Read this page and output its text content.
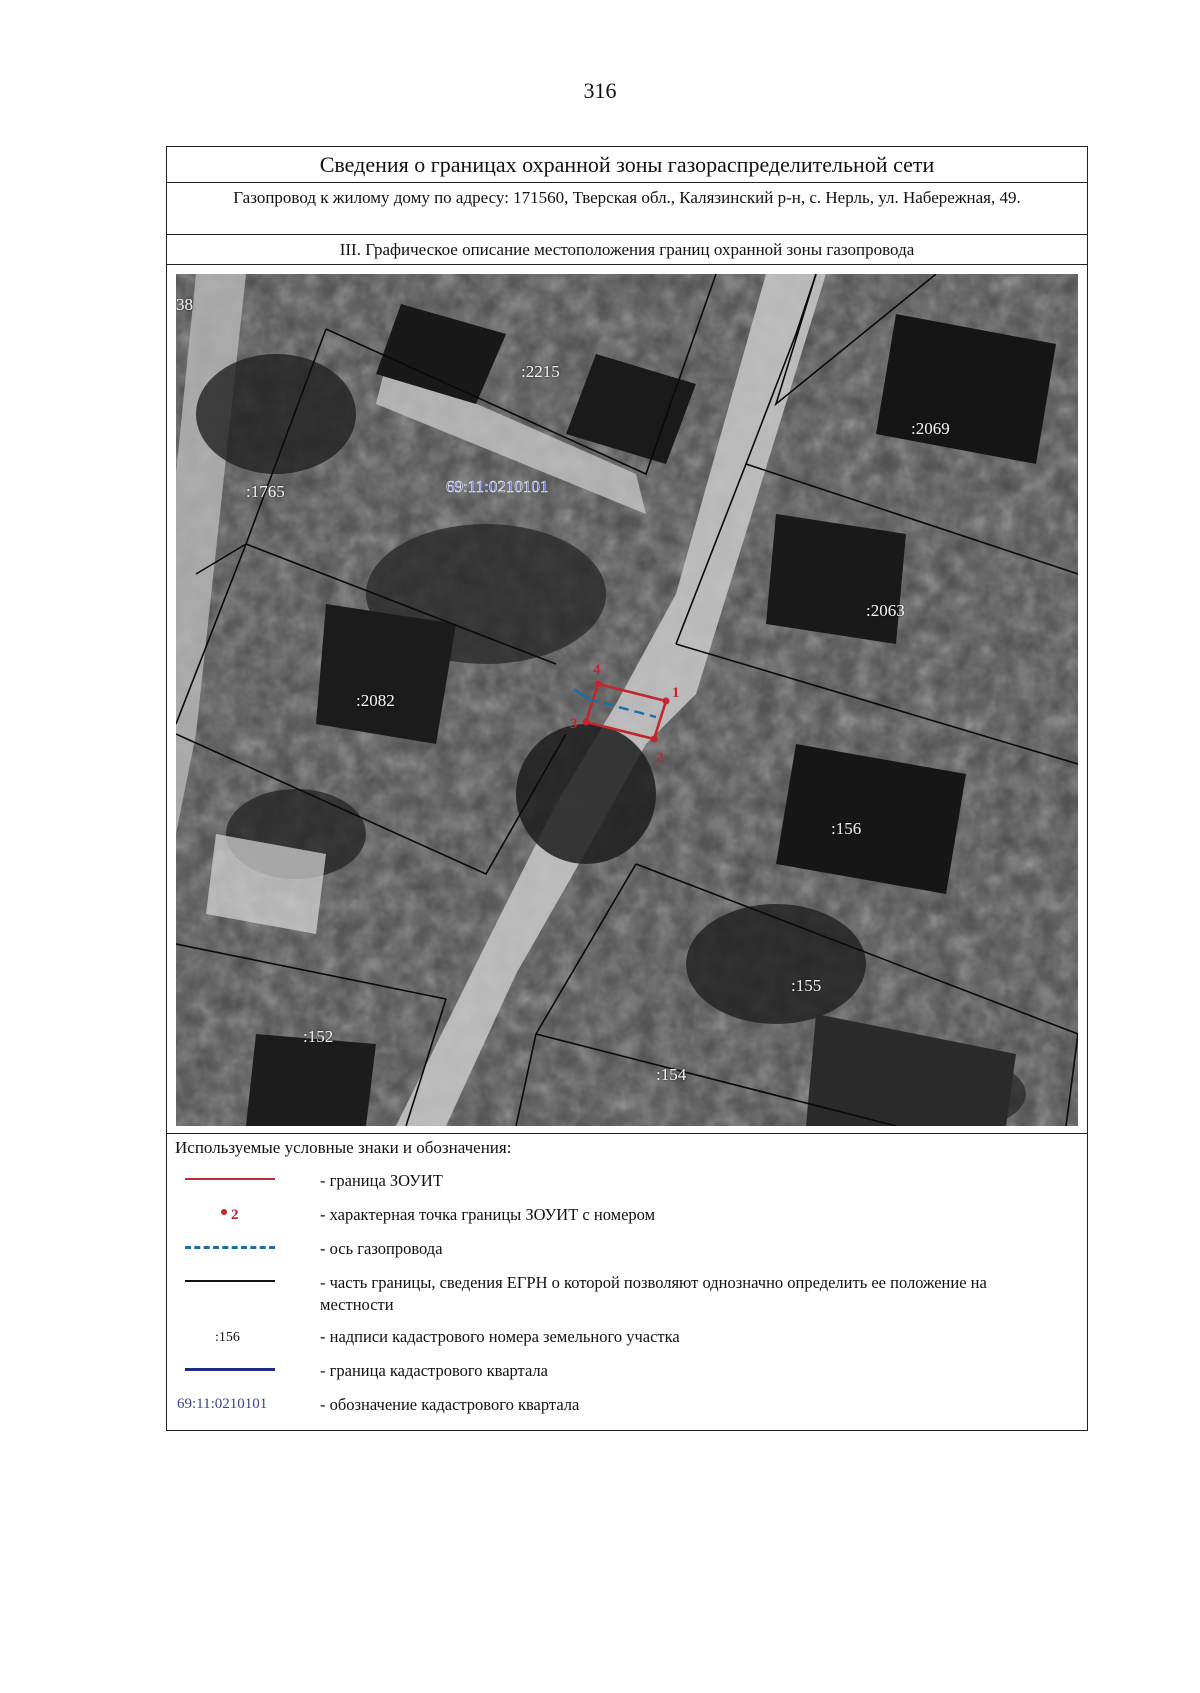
316
Сведения о границах охранной зоны газораспределительной сети
Газопровод к жилому дому по адресу: 171560, Тверская обл., Калязинский р-н, с. Нерль, ул. Набережная, 49.
III. Графическое описание местоположения границ охранной зоны газопровода
1
2
3
4
:2215
:2069
:1765
:2063
:2082
:156
:155
:152
:154
38
69:11:0210101
Используемые условные знаки и обозначения:
- граница ЗОУИТ
2	- характерная точка границы ЗОУИТ с номером
- ось газопровода
- часть границы, сведения ЕГРН о которой позволяют однозначно определить ее положение на местности
:156	- надписи кадастрового номера земельного участка
- граница кадастрового квартала
69:11:0210101	- обозначение кадастрового квартала
